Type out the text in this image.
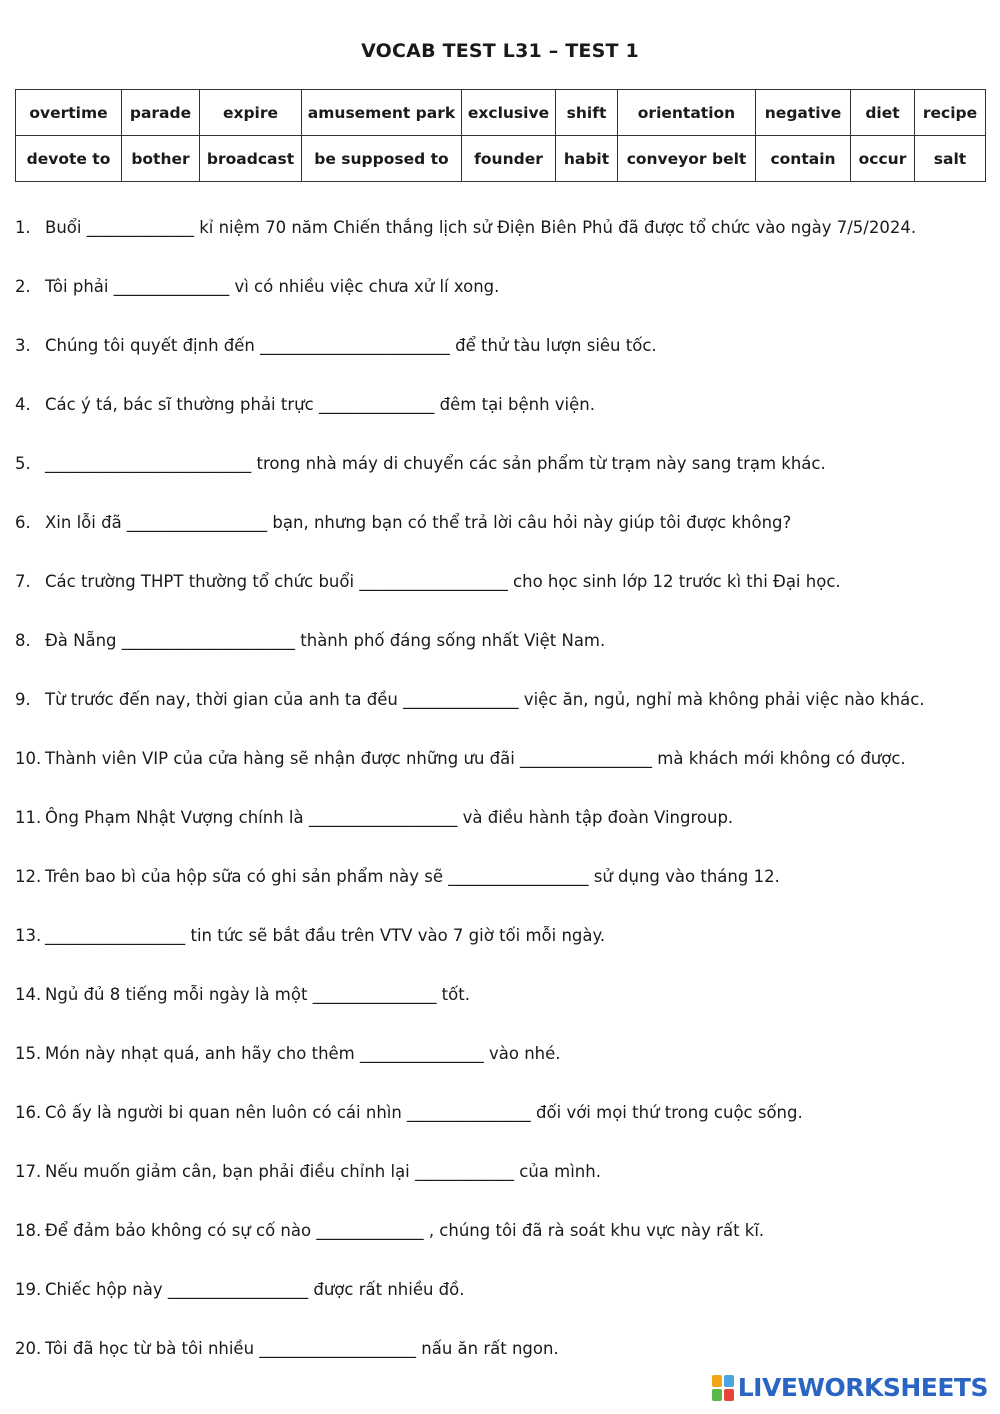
VOCAB TEST L31 – TEST 1
overtime	parade	expire	amusement park	exclusive	shift	orientation	negative	diet	recipe
devote to	bother	broadcast	be supposed to	founder	habit	conveyor belt	contain	occur	salt
1. Buổi _____________ kỉ niệm 70 năm Chiến thắng lịch sử Điện Biên Phủ đã được tổ chức vào ngày 7/5/2024.
2. Tôi phải ______________ vì có nhiều việc chưa xử lí xong.
3. Chúng tôi quyết định đến _______________________ để thử tàu lượn siêu tốc.
4. Các ý tá, bác sĩ thường phải trực ______________ đêm tại bệnh viện.
5. _________________________ trong nhà máy di chuyển các sản phẩm từ trạm này sang trạm khác.
6. Xin lỗi đã _________________ bạn, nhưng bạn có thể trả lời câu hỏi này giúp tôi được không?
7. Các trường THPT thường tổ chức buổi __________________ cho học sinh lớp 12 trước kì thi Đại học.
8. Đà Nẵng _____________________ thành phố đáng sống nhất Việt Nam.
9. Từ trước đến nay, thời gian của anh ta đều ______________ việc ăn, ngủ, nghỉ mà không phải việc nào khác.
10. Thành viên VIP của cửa hàng sẽ nhận được những ưu đãi ________________ mà khách mới không có được.
11. Ông Phạm Nhật Vượng chính là __________________ và điều hành tập đoàn Vingroup.
12. Trên bao bì của hộp sữa có ghi sản phẩm này sẽ _________________ sử dụng vào tháng 12.
13. _________________ tin tức sẽ bắt đầu trên VTV vào 7 giờ tối mỗi ngày.
14. Ngủ đủ 8 tiếng mỗi ngày là một _______________ tốt.
15. Món này nhạt quá, anh hãy cho thêm _______________ vào nhé.
16. Cô ấy là người bi quan nên luôn có cái nhìn _______________ đối với mọi thứ trong cuộc sống.
17. Nếu muốn giảm cân, bạn phải điều chỉnh lại ____________ của mình.
18. Để đảm bảo không có sự cố nào _____________ , chúng tôi đã rà soát khu vực này rất kĩ.
19. Chiếc hộp này _________________ được rất nhiều đồ.
20. Tôi đã học từ bà tôi nhiều ___________________ nấu ăn rất ngon.
LIVEWORKSHEETS
